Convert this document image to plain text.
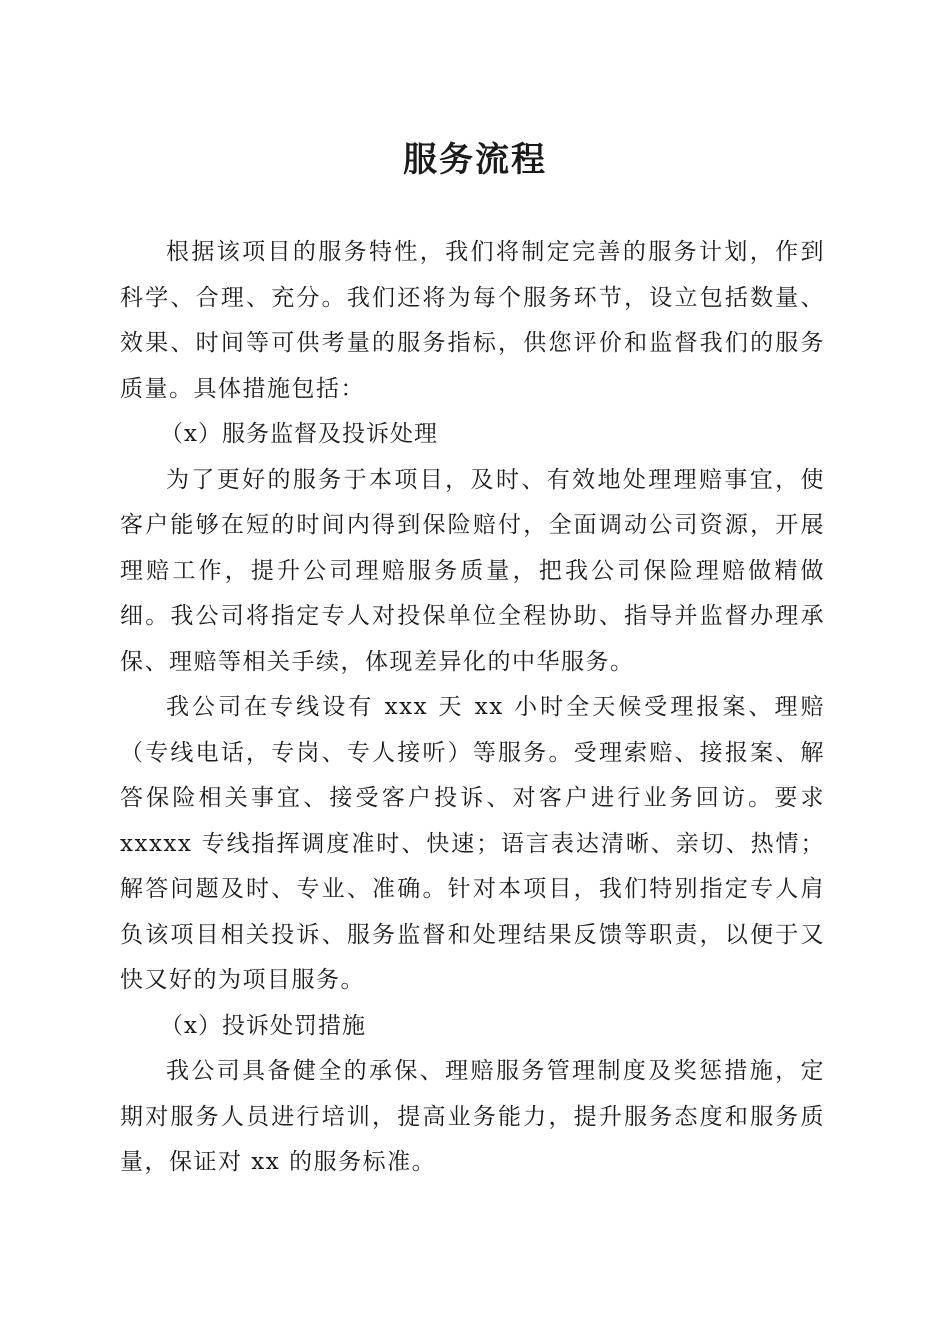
服务流程

根据该项目的服务特性，我们将制定完善的服务计划，作到科学、合理、充分。我们还将为每个服务环节，设立包括数量、效果、时间等可供考量的服务指标，供您评价和监督我们的服务质量。具体措施包括：

（x）服务监督及投诉处理

为了更好的服务于本项目，及时、有效地处理理赔事宜，使客户能够在短的时间内得到保险赔付，全面调动公司资源，开展理赔工作，提升公司理赔服务质量，把我公司保险理赔做精做细。我公司将指定专人对投保单位全程协助、指导并监督办理承保、理赔等相关手续，体现差异化的中华服务。

我公司在专线设有 xxx 天 xx 小时全天候受理报案、理赔（专线电话，专岗、专人接听）等服务。受理索赔、接报案、解答保险相关事宜、接受客户投诉、对客户进行业务回访。要求 xxxxx 专线指挥调度准时、快速；语言表达清晰、亲切、热情；解答问题及时、专业、准确。针对本项目，我们特别指定专人肩负该项目相关投诉、服务监督和处理结果反馈等职责，以便于又快又好的为项目服务。

（x）投诉处罚措施

我公司具备健全的承保、理赔服务管理制度及奖惩措施，定期对服务人员进行培训，提高业务能力，提升服务态度和服务质量，保证对 xx 的服务标准。
